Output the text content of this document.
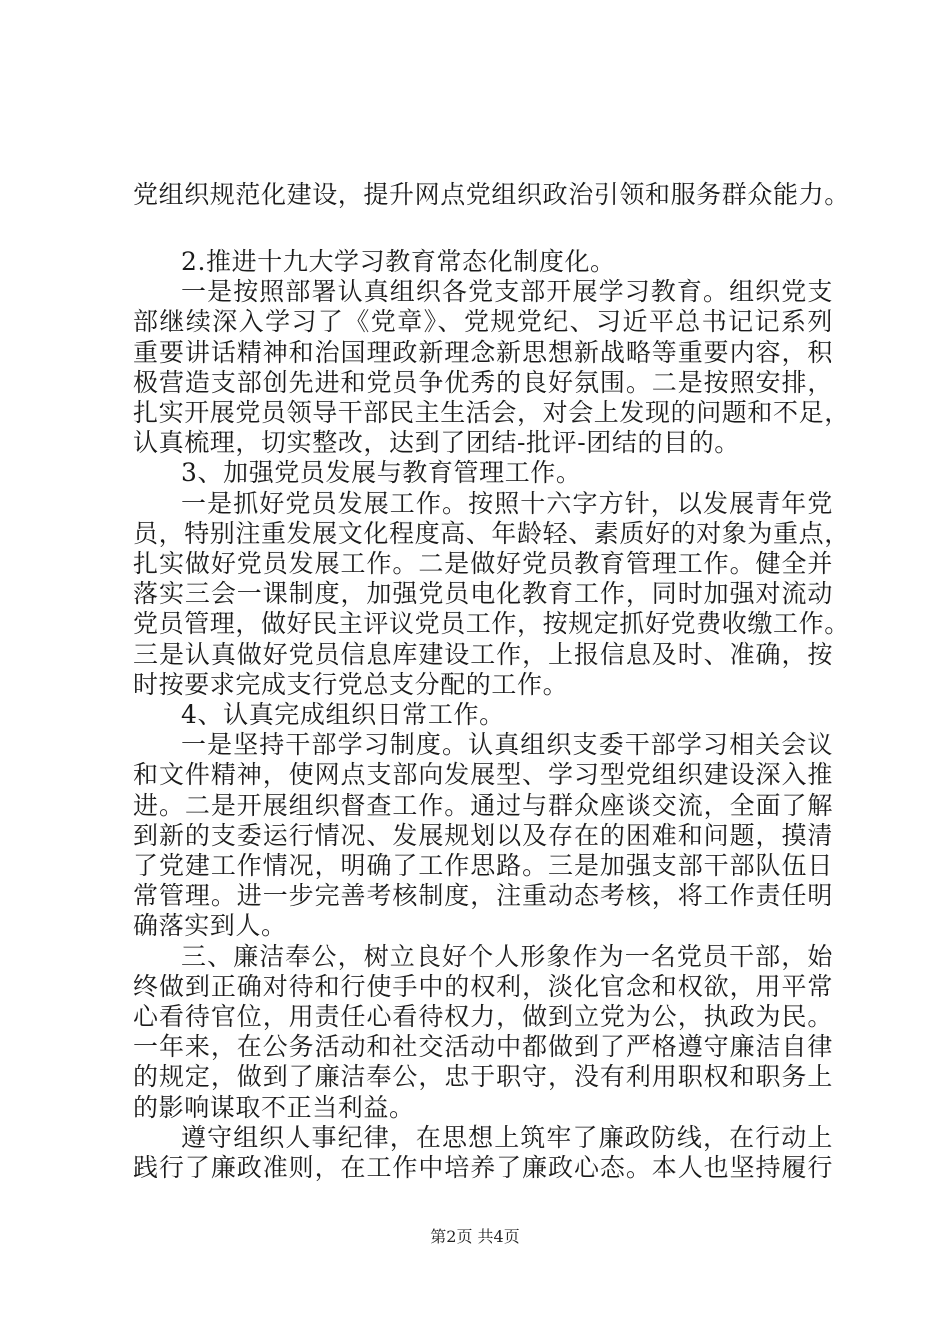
党组织规范化建设，提升网点党组织政治引领和服务群众能力。
2.推进十九大学习教育常态化制度化。
一是按照部署认真组织各党支部开展学习教育。组织党支
部继续深入学习了《党章》、党规党纪、习近平总书记记系列
重要讲话精神和治国理政新理念新思想新战略等重要内容，积
极营造支部创先进和党员争优秀的良好氛围。二是按照安排，
扎实开展党员领导干部民主生活会，对会上发现的问题和不足，
认真梳理，切实整改，达到了团结-批评-团结的目的。
3、加强党员发展与教育管理工作。
一是抓好党员发展工作。按照十六字方针，以发展青年党
员，特别注重发展文化程度高、年龄轻、素质好的对象为重点，
扎实做好党员发展工作。二是做好党员教育管理工作。健全并
落实三会一课制度，加强党员电化教育工作，同时加强对流动
党员管理，做好民主评议党员工作，按规定抓好党费收缴工作。
三是认真做好党员信息库建设工作，上报信息及时、准确，按
时按要求完成支行党总支分配的工作。
4、认真完成组织日常工作。
一是坚持干部学习制度。认真组织支委干部学习相关会议
和文件精神，使网点支部向发展型、学习型党组织建设深入推
进。二是开展组织督查工作。通过与群众座谈交流，全面了解
到新的支委运行情况、发展规划以及存在的困难和问题，摸清
了党建工作情况，明确了工作思路。三是加强支部干部队伍日
常管理。进一步完善考核制度，注重动态考核，将工作责任明
确落实到人。
三、廉洁奉公，树立良好个人形象作为一名党员干部，始
终做到正确对待和行使手中的权利，淡化官念和权欲，用平常
心看待官位，用责任心看待权力，做到立党为公，执政为民。
一年来，在公务活动和社交活动中都做到了严格遵守廉洁自律
的规定，做到了廉洁奉公，忠于职守，没有利用职权和职务上
的影响谋取不正当利益。
遵守组织人事纪律，在思想上筑牢了廉政防线，在行动上
践行了廉政准则，在工作中培养了廉政心态。本人也坚持履行
第2页 共4页
